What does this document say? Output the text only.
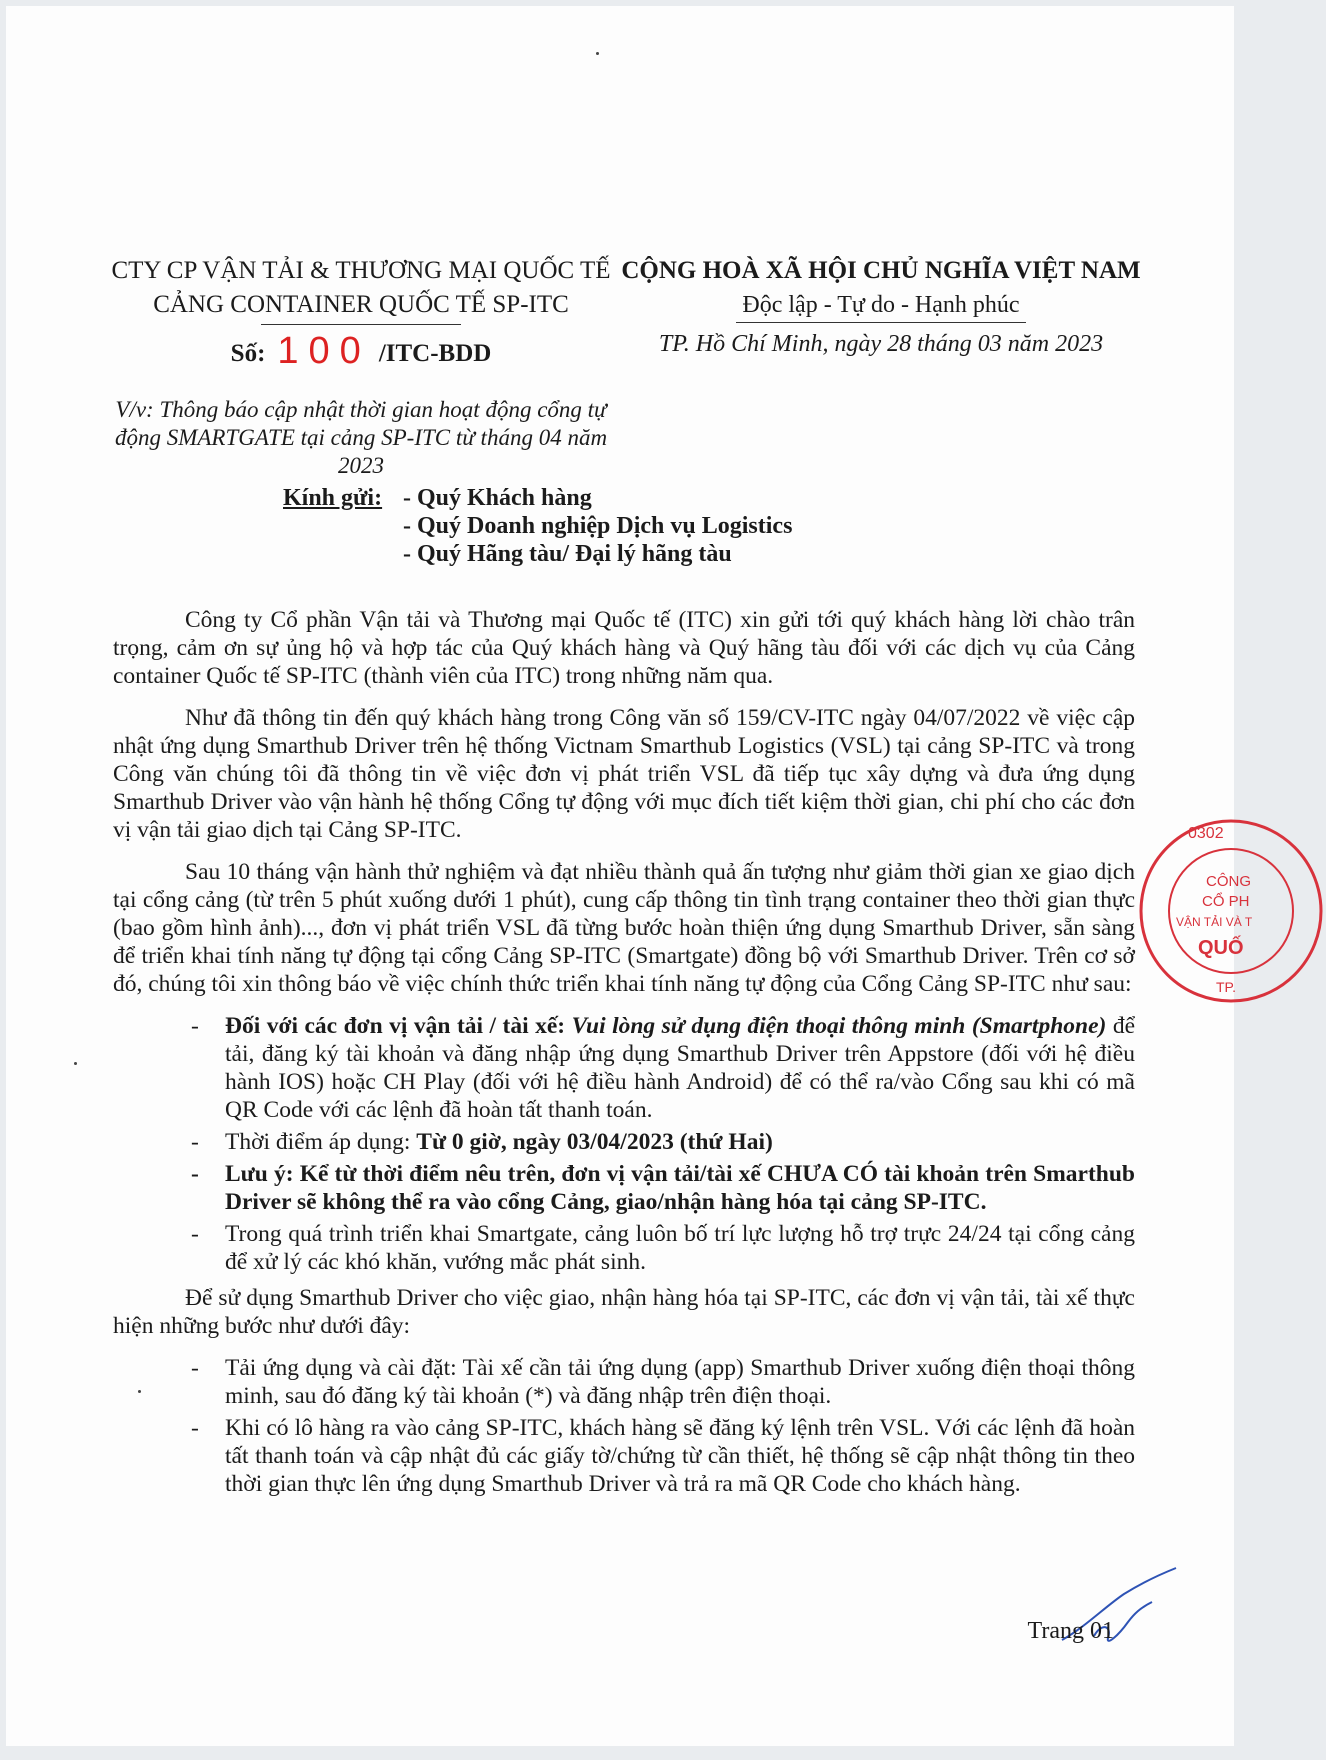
CTY CP VẬN TẢI & THƯƠNG MẠI QUỐC TẾ
CẢNG CONTAINER QUỐC TẾ SP-ITC
Số: 100 /ITC-BDD
V/v: Thông báo cập nhật thời gian hoạt động cổng tự động SMARTGATE tại cảng SP-ITC từ tháng 04 năm 2023
CỘNG HOÀ XÃ HỘI CHỦ NGHĨA VIỆT NAM
Độc lập - Tự do - Hạnh phúc
TP. Hồ Chí Minh, ngày 28 tháng 03 năm 2023
Kính gửi: - Quý Khách hàng
- Quý Doanh nghiệp Dịch vụ Logistics
- Quý Hãng tàu/ Đại lý hãng tàu

Công ty Cổ phần Vận tải và Thương mại Quốc tế (ITC) xin gửi tới quý khách hàng lời chào trân trọng, cảm ơn sự ủng hộ và hợp tác của Quý khách hàng và Quý hãng tàu đối với các dịch vụ của Cảng container Quốc tế SP-ITC (thành viên của ITC) trong những năm qua.

Như đã thông tin đến quý khách hàng trong Công văn số 159/CV-ITC ngày 04/07/2022 về việc cập nhật ứng dụng Smarthub Driver trên hệ thống Victnam Smarthub Logistics (VSL) tại cảng SP-ITC và trong Công văn chúng tôi đã thông tin về việc đơn vị phát triển VSL đã tiếp tục xây dựng và đưa ứng dụng Smarthub Driver vào vận hành hệ thống Cổng tự động với mục đích tiết kiệm thời gian, chi phí cho các đơn vị vận tải giao dịch tại Cảng SP-ITC.

Sau 10 tháng vận hành thử nghiệm và đạt nhiều thành quả ấn tượng như giảm thời gian xe giao dịch tại cổng cảng (từ trên 5 phút xuống dưới 1 phút), cung cấp thông tin tình trạng container theo thời gian thực (bao gồm hình ảnh)..., đơn vị phát triển VSL đã từng bước hoàn thiện ứng dụng Smarthub Driver, sẵn sàng để triển khai tính năng tự động tại cổng Cảng SP-ITC (Smartgate) đồng bộ với Smarthub Driver. Trên cơ sở đó, chúng tôi xin thông báo về việc chính thức triển khai tính năng tự động của Cổng Cảng SP-ITC như sau:

- Đối với các đơn vị vận tải / tài xế: Vui lòng sử dụng điện thoại thông minh (Smartphone) để tải, đăng ký tài khoản và đăng nhập ứng dụng Smarthub Driver trên Appstore (đối với hệ điều hành IOS) hoặc CH Play (đối với hệ điều hành Android) để có thể ra/vào Cổng sau khi có mã QR Code với các lệnh đã hoàn tất thanh toán.
- Thời điểm áp dụng: Từ 0 giờ, ngày 03/04/2023 (thứ Hai)
- Lưu ý: Kể từ thời điểm nêu trên, đơn vị vận tải/tài xế CHƯA CÓ tài khoản trên Smarthub Driver sẽ không thể ra vào cổng Cảng, giao/nhận hàng hóa tại cảng SP-ITC.
- Trong quá trình triển khai Smartgate, cảng luôn bố trí lực lượng hỗ trợ trực 24/24 tại cổng cảng để xử lý các khó khăn, vướng mắc phát sinh.

Để sử dụng Smarthub Driver cho việc giao, nhận hàng hóa tại SP-ITC, các đơn vị vận tải, tài xế thực hiện những bước như dưới đây:

- Tải ứng dụng và cài đặt: Tài xế cần tải ứng dụng (app) Smarthub Driver xuống điện thoại thông minh, sau đó đăng ký tài khoản (*) và đăng nhập trên điện thoại.
- Khi có lô hàng ra vào cảng SP-ITC, khách hàng sẽ đăng ký lệnh trên VSL. Với các lệnh đã hoàn tất thanh toán và cập nhật đủ các giấy tờ/chứng từ cần thiết, hệ thống sẽ cập nhật thông tin theo thời gian thực lên ứng dụng Smarthub Driver và trả ra mã QR Code cho khách hàng.
0302
CÔNG
CỔ PH
VẬN TẢI VÀ T
QUỐ
TP.
Trang 01
